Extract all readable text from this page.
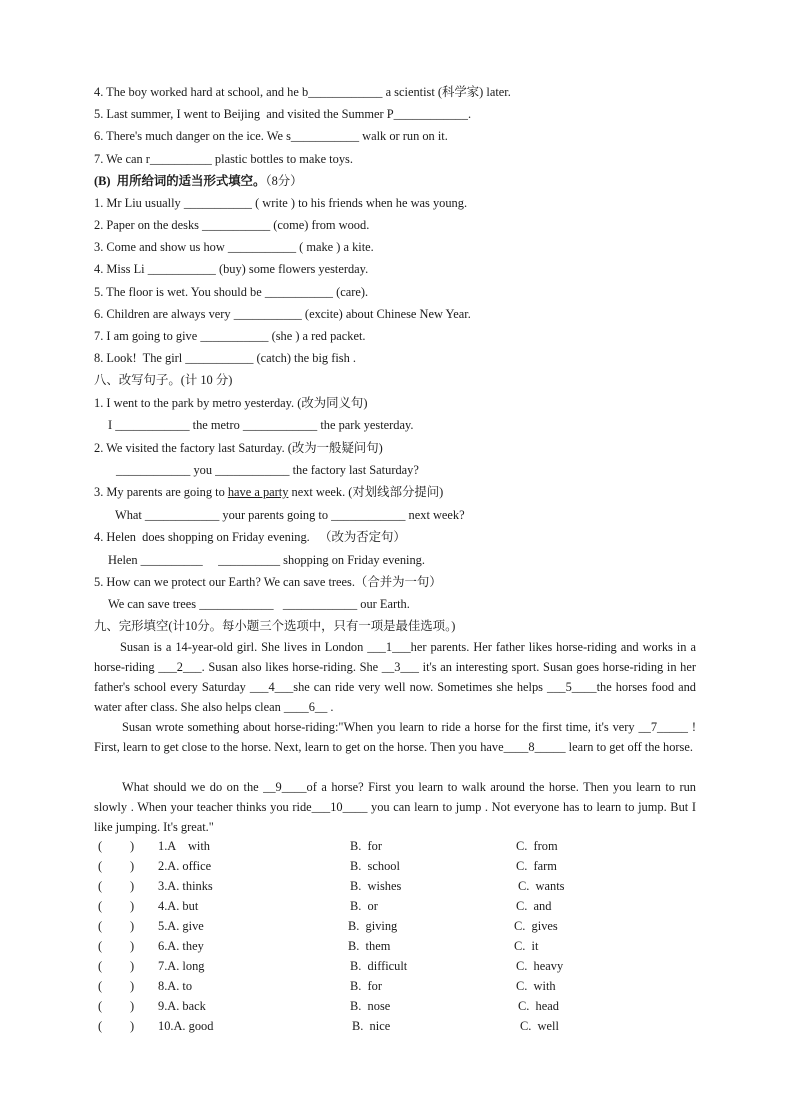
4. The boy worked hard at school, and he b____________ a scientist (科学家) later.
5. Last summer, I went to Beijing  and visited the Summer P____________.
6. There's much danger on the ice. We s___________ walk or run on it.
7. We can r__________ plastic bottles to make toys.
(B)  用所给词的适当形式填空。（8分）
1. Mr Liu usually ___________ ( write ) to his friends when he was young.
2. Paper on the desks ___________ (come) from wood.
3. Come and show us how ___________ ( make ) a kite.
4. Miss Li ___________ (buy) some flowers yesterday.
5. The floor is wet. You should be ___________ (care).
6. Children are always very ___________ (excite) about Chinese New Year.
7. I am going to give ___________ (she ) a red packet.
8. Look!  The girl ___________ (catch) the big fish .
八、改写句子。(计 10 分)
1. I went to the park by metro yesterday. (改为同义句)
I ____________ the metro ____________ the park yesterday.
2. We visited the factory last Saturday. (改为一般疑问句)
____________ you ____________ the factory last Saturday?
3. My parents are going to have a party next week. (对划线部分提问)
What ____________ your parents going to ____________ next week?
4. Helen  does shopping on Friday evening.   （改为否定句）
Helen __________     __________ shopping on Friday evening.
5. How can we protect our Earth? We can save trees.（合并为一句）
We can save trees ____________   ____________ our Earth.
九、完形填空(计10分。每小题三个选项中，只有一项是最佳选项。)
Susan is a 14-year-old girl. She lives in London ___1___her parents. Her father likes horse-riding and works in a horse-riding ___2___. Susan also likes horse-riding. She __3___ it's an interesting sport. Susan goes horse-riding in her father's school every Saturday ___4___she can ride very well now. Sometimes she helps ___5____the horses food and water after class. She also helps clean ____6__ .
Susan wrote something about horse-riding:"When you learn to ride a horse for the first time, it's very __7_____ ! First, learn to get close to the horse. Next, learn to get on the horse. Then you have____8_____ learn to get off the horse.
What should we do on the __9____of a horse? First you learn to walk around the horse. Then you learn to run slowly . When your teacher thinks you ride___10____ you can learn to jump . Not everyone has to learn to jump. But I like jumping. It's great."
(         ) 1.A    with	B.  for	C.  from
(         ) 2.A. office	B.  school	C.  farm
(         ) 3.A. thinks	B.  wishes	C.  wants
(         ) 4.A. but	B.  or	C.  and
(         ) 5.A. give	B.  giving	C.  gives
(         ) 6.A. they	B.  them	C.  it
(         ) 7.A. long	B.  difficult	C.  heavy
(         ) 8.A. to	B.  for	C.  with
(         ) 9.A. back	B.  nose	C.  head
(         ) 10.A. good	B.  nice	C.  well
